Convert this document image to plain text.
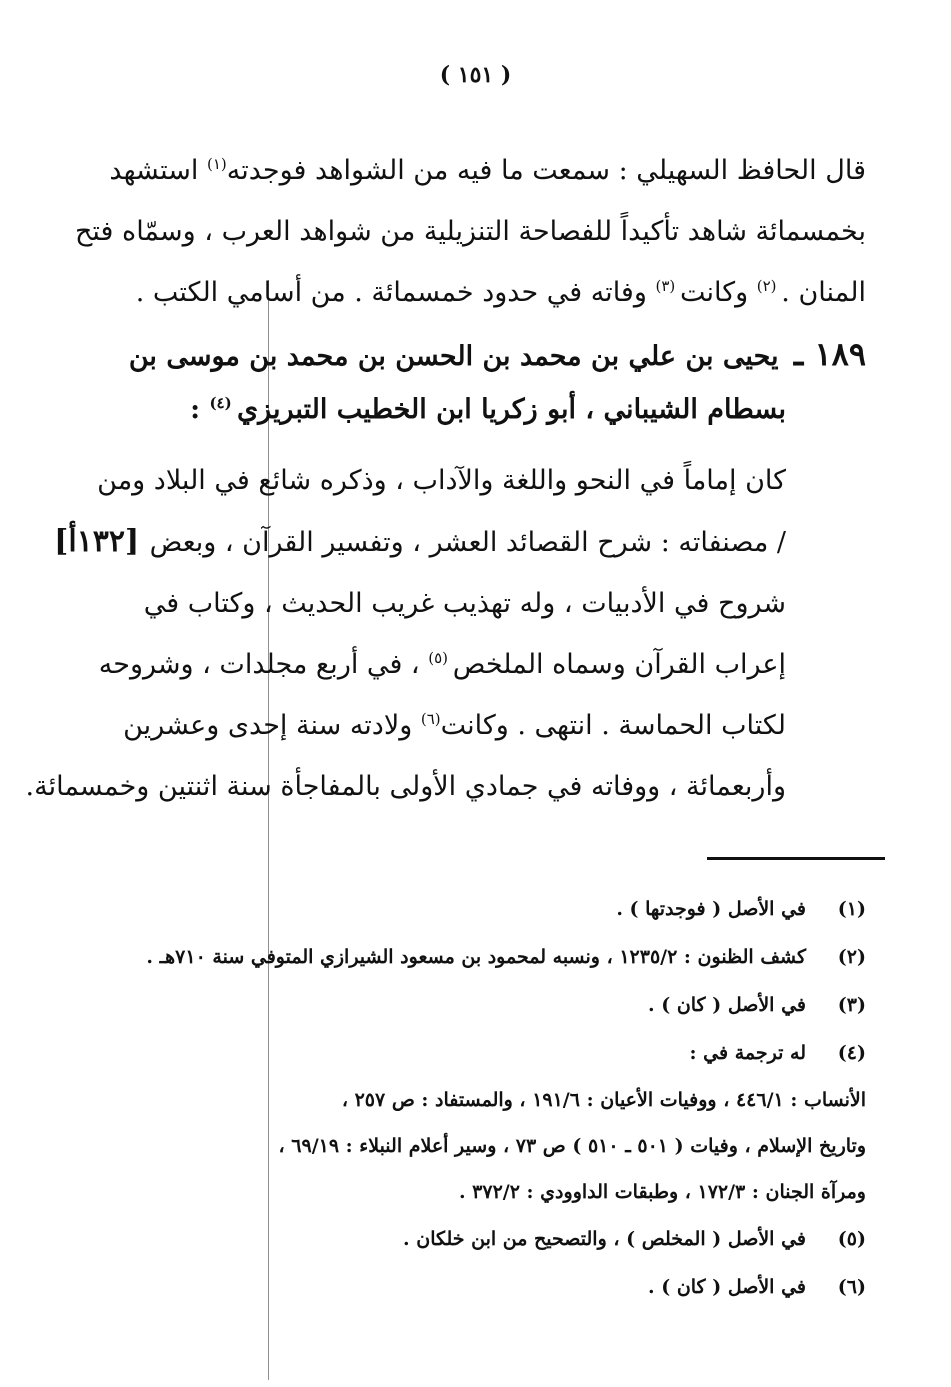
( ١٥١ )
قال الحافظ السهيلي : سمعت ما فيه من الشواهد فوجدته$^{(١)}$ استشهد
بخمسمائة شاهد تأكيداً للفصاحة التنزيلية من شواهد العرب ، وسمّاه فتح
المنان . $^{(٢)}$ وكانت $^{(٣)}$ وفاته في حدود خمسمائة . من أسامي الكتب .
١٨٩ ـ يحيى بن علي بن محمد بن الحسن بن محمد بن موسى بن
بسطام الشيباني ، أبو زكريا ابن الخطيب التبريزي $^{(٤)}$ :
كان إماماً في النحو واللغة والآداب ، وذكره شائع في البلاد ومن
/ مصنفاته : شرح القصائد العشر ، وتفسير القرآن ، وبعض [١٣٢أ]
شروح في الأدبيات ، وله تهذيب غريب الحديث ، وكتاب في
إعراب القرآن وسماه الملخص $^{(٥)}$ ، في أربع مجلدات ، وشروحه
لكتاب الحماسة . انتهى . وكانت$^{(٦)}$ ولادته سنة إحدى وعشرين
وأربعمائة ، ووفاته في جمادي الأولى بالمفاجأة سنة اثنتين وخمسمائة.
(١)
في الأصل ( فوجدتها ) .
(٢)
كشف الظنون : ١٢٣٥/٢ ، ونسبه لمحمود بن مسعود الشيرازي المتوفي سنة ٧١٠هـ .
(٣)
في الأصل ( كان ) .
(٤)
له ترجمة في :
الأنساب : ٤٤٦/١ ، ووفيات الأعيان : ١٩١/٦ ، والمستفاد : ص ٢٥٧ ،
وتاريخ الإسلام ، وفيات ( ٥٠١ ـ ٥١٠ ) ص ٧٣ ، وسير أعلام النبلاء : ٦٩/١٩ ،
ومرآة الجنان : ١٧٢/٣ ، وطبقات الداوودي : ٣٧٢/٢ .
(٥)
في الأصل ( المخلص ) ، والتصحيح من ابن خلكان .
(٦)
في الأصل ( كان ) .
